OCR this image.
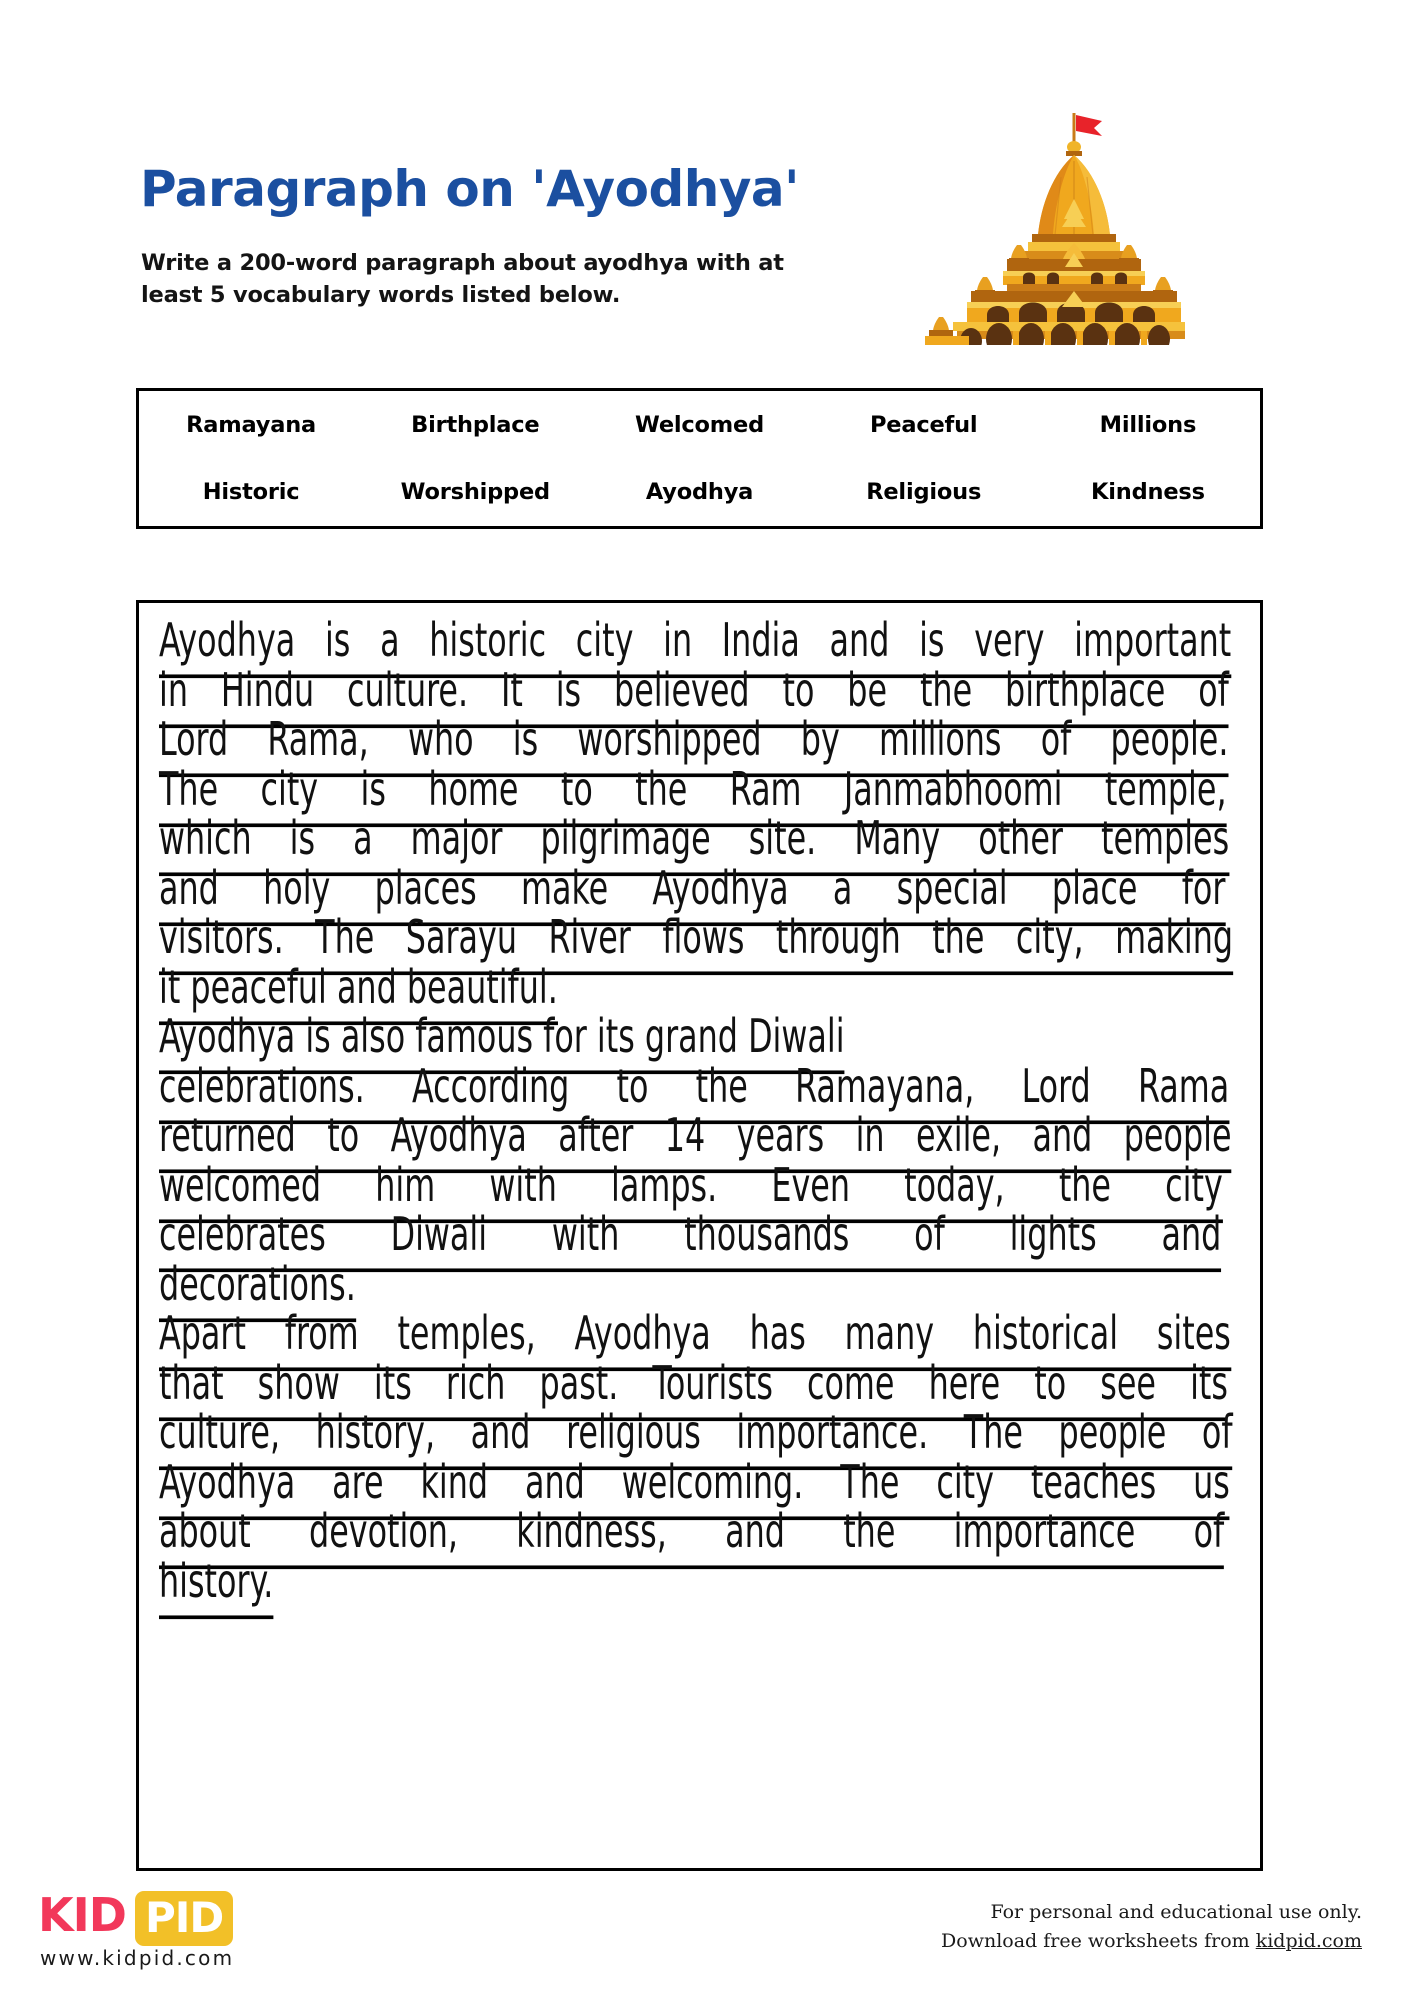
Paragraph on 'Ayodhya'
Write a 200-word paragraph about ayodhya with at least 5 vocabulary words listed below.
Ramayana	Birthplace	Welcomed	Peaceful	Millions
Historic	Worshipped	Ayodhya	Religious	Kindness
Ayodhya is a historic city in India and is very important
in Hindu culture. It is believed to be the birthplace of
Lord Rama, who is worshipped by millions of people.
The city is home to the Ram Janmabhoomi temple,
which is a major pilgrimage site. Many other temples
and holy places make Ayodhya a special place for
visitors. The Sarayu River flows through the city, making
it peaceful and beautiful.
Ayodhya is also famous for its grand Diwali
celebrations. According to the Ramayana, Lord Rama
returned to Ayodhya after 14 years in exile, and people
welcomed him with lamps. Even today, the city
celebrates Diwali with thousands of lights and
decorations.
Apart from temples, Ayodhya has many historical sites
that show its rich past. Tourists come here to see its
culture, history, and religious importance. The people of
Ayodhya are kind and welcoming. The city teaches us
about devotion, kindness, and the importance of
history.
KID PID
www.kidpid.com
For personal and educational use only.
Download free worksheets from kidpid.com
